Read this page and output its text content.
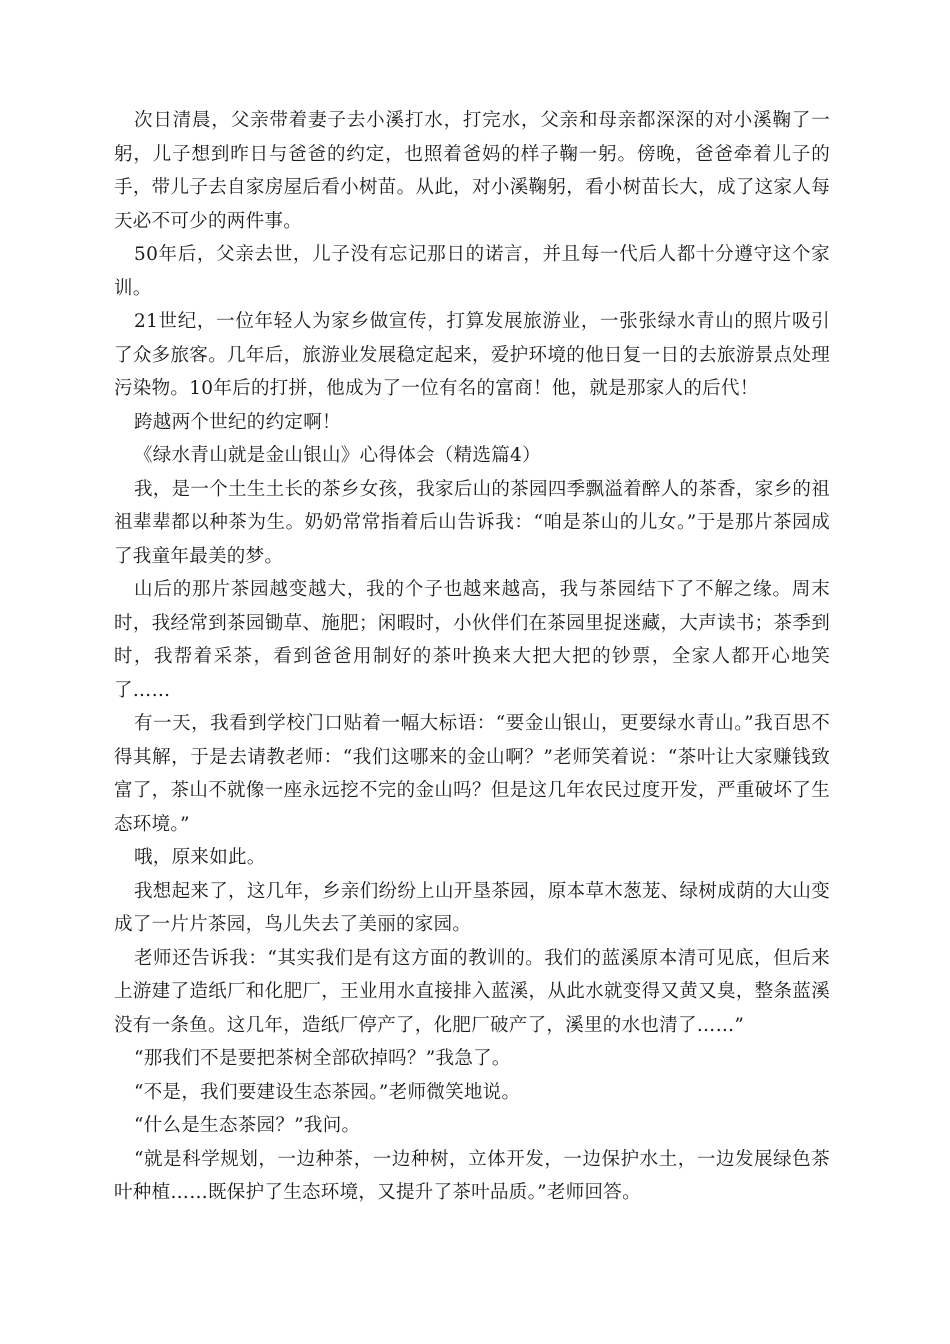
次日清晨，父亲带着妻子去小溪打水，打完水，父亲和母亲都深深的对小溪鞠了一躬，儿子想到昨日与爸爸的约定，也照着爸妈的样子鞠一躬。傍晚，爸爸牵着儿子的手，带儿子去自家房屋后看小树苗。从此，对小溪鞠躬，看小树苗长大，成了这家人每天必不可少的两件事。

50年后，父亲去世，儿子没有忘记那日的诺言，并且每一代后人都十分遵守这个家训。

21世纪，一位年轻人为家乡做宣传，打算发展旅游业，一张张绿水青山的照片吸引了众多旅客。几年后，旅游业发展稳定起来，爱护环境的他日复一日的去旅游景点处理污染物。10年后的打拼，他成为了一位有名的富商！他，就是那家人的后代！

跨越两个世纪的约定啊！

《绿水青山就是金山银山》心得体会（精选篇4）

我，是一个土生土长的茶乡女孩，我家后山的茶园四季飘溢着醉人的茶香，家乡的祖祖辈辈都以种茶为生。奶奶常常指着后山告诉我：“咱是茶山的儿女。”于是那片茶园成了我童年最美的梦。

山后的那片茶园越变越大，我的个子也越来越高，我与茶园结下了不解之缘。周末时，我经常到茶园锄草、施肥；闲暇时，小伙伴们在茶园里捉迷藏，大声读书；茶季到时，我帮着采茶，看到爸爸用制好的茶叶换来大把大把的钞票，全家人都开心地笑了……

有一天，我看到学校门口贴着一幅大标语：“要金山银山，更要绿水青山。”我百思不得其解，于是去请教老师：“我们这哪来的金山啊？”老师笑着说：“茶叶让大家赚钱致富了，茶山不就像一座永远挖不完的金山吗？但是这几年农民过度开发，严重破坏了生态环境。”

哦，原来如此。

我想起来了，这几年，乡亲们纷纷上山开垦茶园，原本草木葱茏、绿树成荫的大山变成了一片片茶园，鸟儿失去了美丽的家园。

老师还告诉我：“其实我们是有这方面的教训的。我们的蓝溪原本清可见底，但后来上游建了造纸厂和化肥厂，王业用水直接排入蓝溪，从此水就变得又黄又臭，整条蓝溪没有一条鱼。这几年，造纸厂停产了，化肥厂破产了，溪里的水也清了……”

“那我们不是要把茶树全部砍掉吗？”我急了。

“不是，我们要建设生态茶园。”老师微笑地说。

“什么是生态茶园？”我问。

“就是科学规划，一边种茶，一边种树，立体开发，一边保护水土，一边发展绿色茶叶种植……既保护了生态环境，又提升了茶叶品质。”老师回答。
